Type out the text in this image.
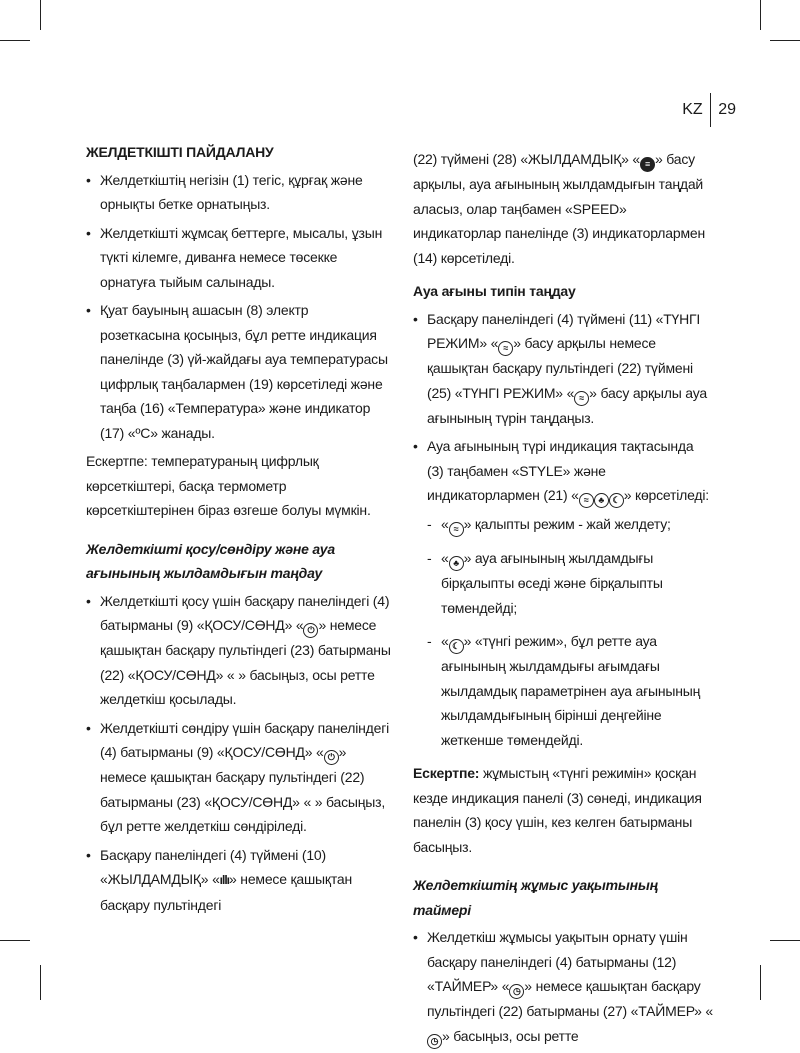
KZ 29

ЖЕЛДЕТКІШТІ ПАЙДАЛАНУ

• Желдеткіштің негізін (1) тегіс, құрғақ және орнықты бетке орнатыңыз.
• Желдеткішті жұмсақ беттерге, мысалы, ұзын түкті кілемге, диванға немесе төсекке орнатуға тыйым салынады.
• Қуат бауының ашасын (8) электр розеткасына қосыңыз, бұл ретте индикация панелінде (3) үй-жайдағы ауа температурасы цифрлық таңбалармен (19) көрсетіледі және таңба (16) «Температура» және индикатор (17) «ºC» жанады.

Ескертпе: температураның цифрлық көрсеткіштері, басқа термометр көрсеткіштерінен біраз өзгеше болуы мүмкін.

Желдеткішті қосу/сөндіру және ауа ағынының жылдамдығын таңдау

• Желдеткішті қосу үшін басқару панеліндегі (4) батырманы (9) «ҚОСУ/СӨНД» « ⏻ » немесе қашықтан басқару пультіндегі (23) батырманы (22) «ҚОСУ/СӨНД» « » басыңыз, осы ретте желдеткіш қосылады.
• Желдеткішті сөндіру үшін басқару панеліндегі (4) батырманы (9) «ҚОСУ/СӨНД» « ⏻ » немесе қашықтан басқару пультіндегі (22) батырманы (23) «ҚОСУ/СӨНД» « » басыңыз, бұл ретте желдеткіш сөндіріледі.
• Басқару панеліндегі (4) түймені (10) «ЖЫЛДАМДЫҚ» «ıllı» немесе қашықтан басқару пультіндегі

(22) түймені (28) «ЖЫЛДАМДЫҚ» « ≡ » басу арқылы, ауа ағынының жылдамдығын таңдай аласыз, олар таңбамен «SPEED» индикаторлар панелінде (3) индикаторлармен (14) көрсетіледі.

Ауа ағыны типін таңдау

• Басқару панеліндегі (4) түймені (11) «ТҮНГІ РЕЖИМ» « ≈ » басу арқылы немесе қашықтан басқару пультіндегі (22) түймені (25) «ТҮНГІ РЕЖИМ» « ≈ » басу арқылы ауа ағынының түрін таңдаңыз.
• Ауа ағынының түрі индикация тақтасында (3) таңбамен «STYLE» және индикаторлармен (21) « ≈ ♣ ☾ » көрсетіледі:
- « ≈ » қалыпты режим - жай желдету;
- « ♣ » ауа ағынының жылдамдығы бірқалыпты өседі және бірқалыпты төмендейді;
- « ☾ » «түнгі режим», бұл ретте ауа ағынының жылдамдығы ағымдағы жылдамдық параметрінен ауа ағынының жылдамдығының бірінші деңгейіне жеткенше төмендейді.

Ескертпе: жұмыстың «түнгі режимін» қосқан кезде индикация панелі (3) сөнеді, индикация панелін (3) қосу үшін, кез келген батырманы басыңыз.

Желдеткіштің жұмыс уақытының таймері

• Желдеткіш жұмысы уақытын орнату үшін басқару панеліндегі (4) батырманы (12) «ТАЙМЕР» « ◷ » немесе қашықтан басқару пультіндегі (22) батырманы (27) «ТАЙМЕР» «◷ » басыңыз, осы ретте
